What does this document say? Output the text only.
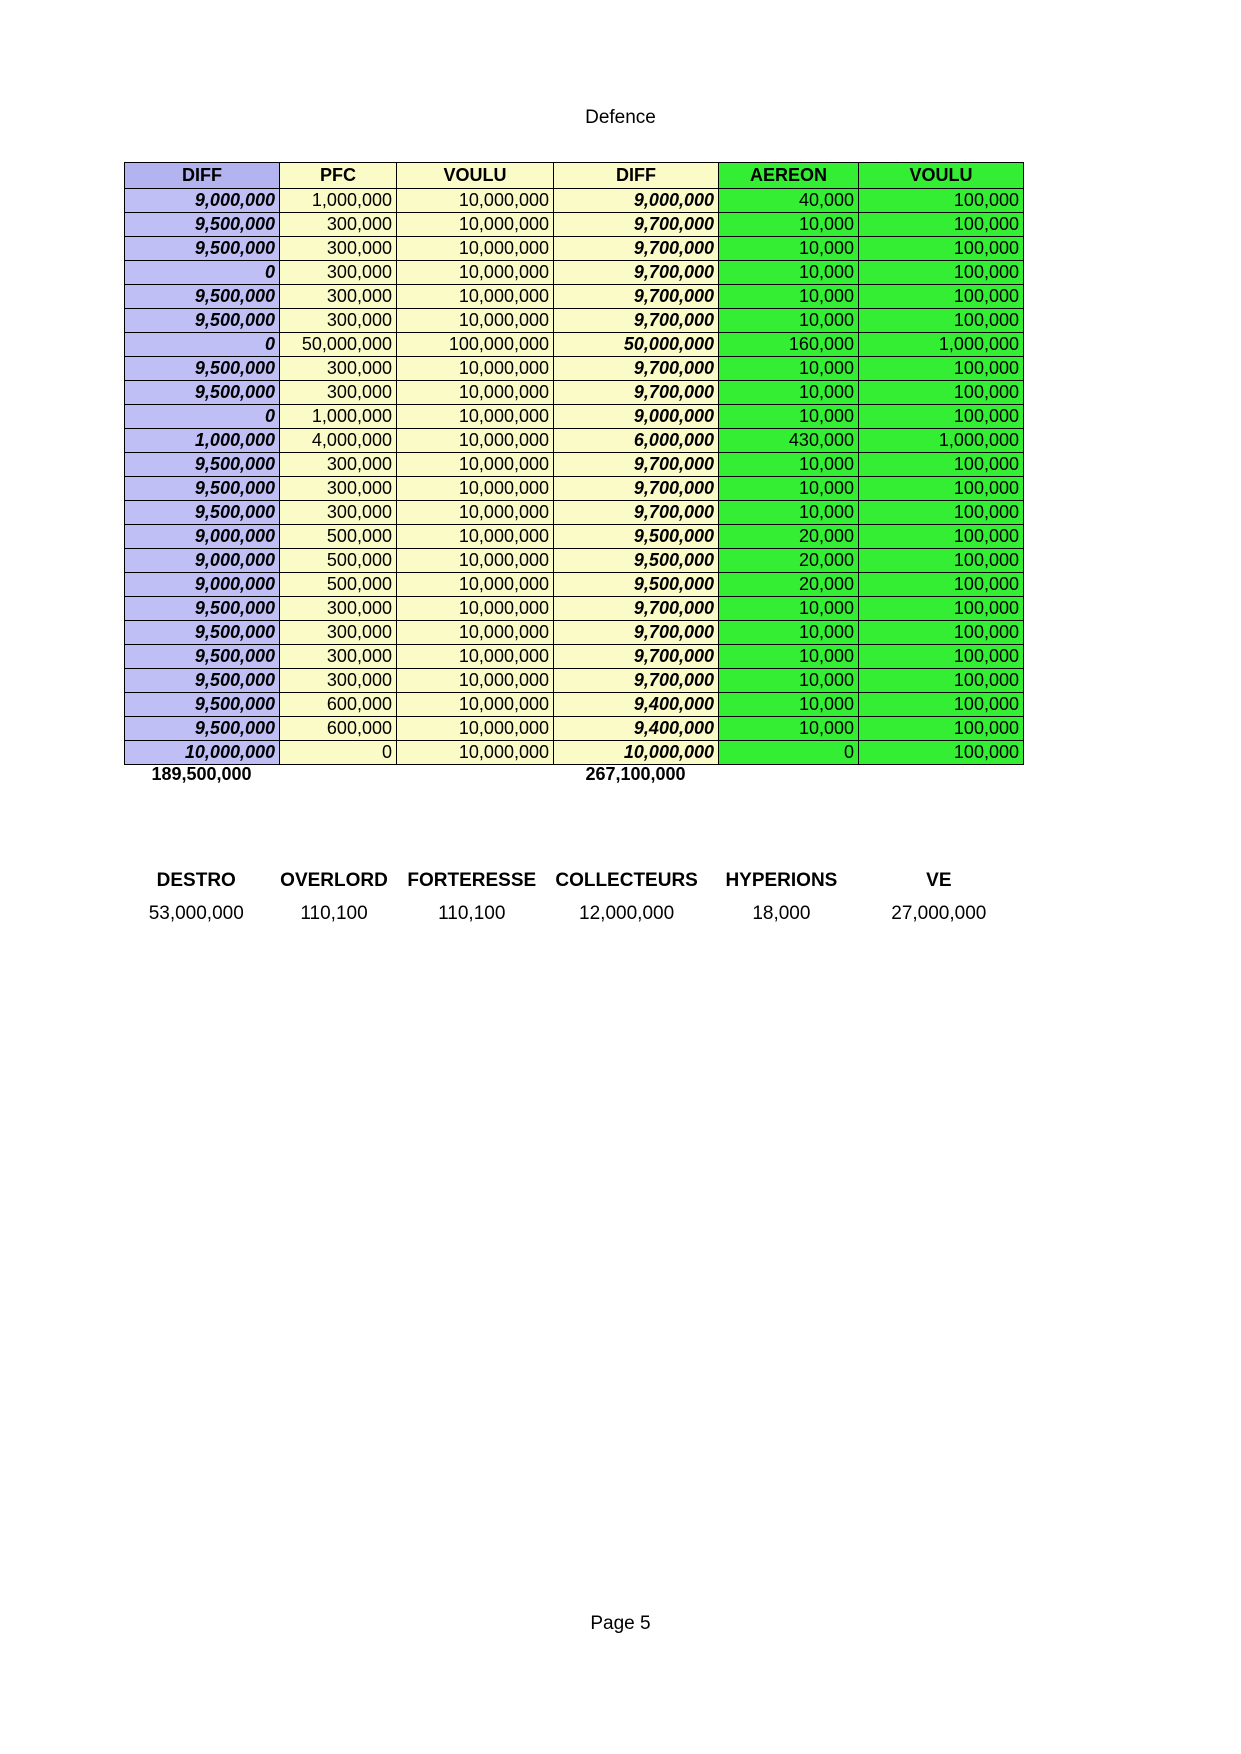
Defence
DIFF	PFC	VOULU	DIFF	AEREON	VOULU
9,000,000	1,000,000	10,000,000	9,000,000	40,000	100,000
9,500,000	300,000	10,000,000	9,700,000	10,000	100,000
9,500,000	300,000	10,000,000	9,700,000	10,000	100,000
0	300,000	10,000,000	9,700,000	10,000	100,000
9,500,000	300,000	10,000,000	9,700,000	10,000	100,000
9,500,000	300,000	10,000,000	9,700,000	10,000	100,000
0	50,000,000	100,000,000	50,000,000	160,000	1,000,000
9,500,000	300,000	10,000,000	9,700,000	10,000	100,000
9,500,000	300,000	10,000,000	9,700,000	10,000	100,000
0	1,000,000	10,000,000	9,000,000	10,000	100,000
1,000,000	4,000,000	10,000,000	6,000,000	430,000	1,000,000
9,500,000	300,000	10,000,000	9,700,000	10,000	100,000
9,500,000	300,000	10,000,000	9,700,000	10,000	100,000
9,500,000	300,000	10,000,000	9,700,000	10,000	100,000
9,000,000	500,000	10,000,000	9,500,000	20,000	100,000
9,000,000	500,000	10,000,000	9,500,000	20,000	100,000
9,000,000	500,000	10,000,000	9,500,000	20,000	100,000
9,500,000	300,000	10,000,000	9,700,000	10,000	100,000
9,500,000	300,000	10,000,000	9,700,000	10,000	100,000
9,500,000	300,000	10,000,000	9,700,000	10,000	100,000
9,500,000	300,000	10,000,000	9,700,000	10,000	100,000
9,500,000	600,000	10,000,000	9,400,000	10,000	100,000
9,500,000	600,000	10,000,000	9,400,000	10,000	100,000
10,000,000	0	10,000,000	10,000,000	0	100,000
189,500,000	267,100,000
DESTRO	OVERLORD	FORTERESSE	COLLECTEURS	HYPERIONS	VE
53,000,000	110,100	110,100	12,000,000	18,000	27,000,000
Page 5
